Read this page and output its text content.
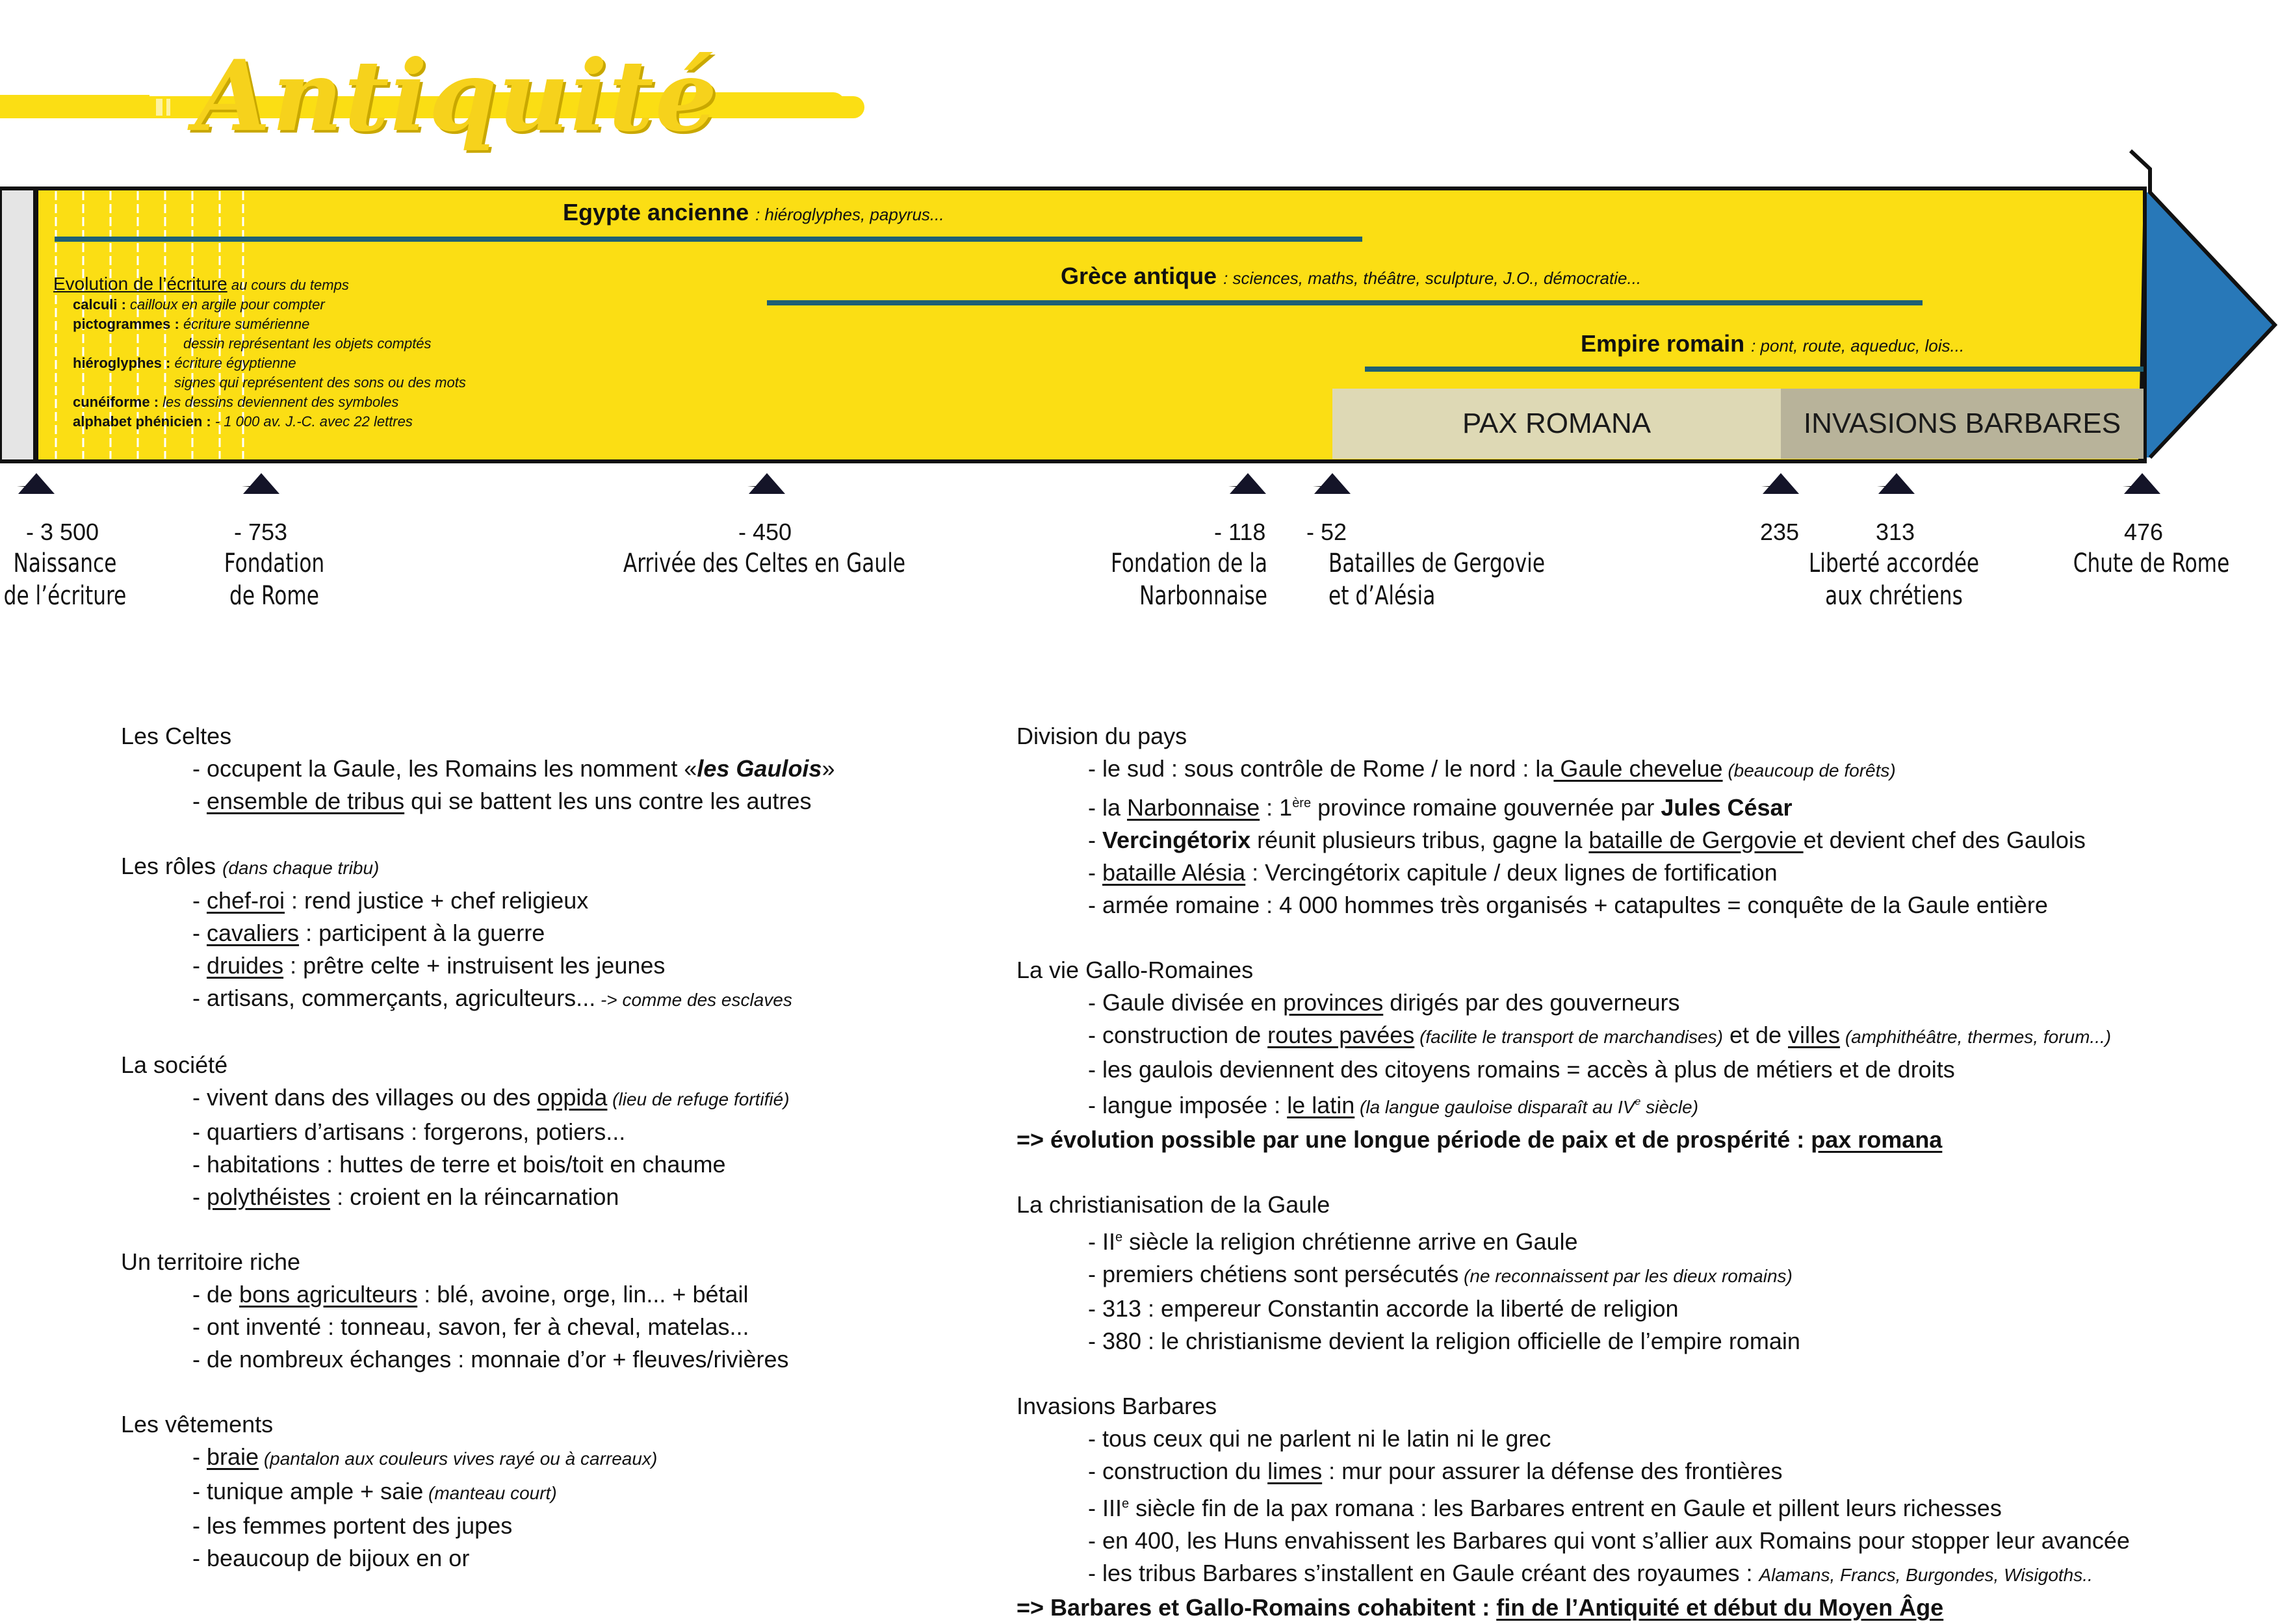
Antiquité
Egypte ancienne : hiéroglyphes, papyrus...
Grèce antique : sciences, maths, théâtre, sculpture, J.O., démocratie...
Empire romain : pont, route, aqueduc, lois...
PAX ROMANA	INVASIONS BARBARES
Evolution de l’écriture au cours du temps
calculi : cailloux en argile pour compter
pictogrammes : écriture sumérienne
dessin représentant les objets comptés
hiéroglyphes : écriture égyptienne
signes qui représentent des sons ou des mots
cunéiforme : les dessins deviennent des symboles
alphabet phénicien : - 1 000 av. J.-C. avec 22 lettres
- 3 500
Naissance
de l’écriture
- 753
Fondation
de Rome
- 450
Arrivée des Celtes en Gaule
- 118
Fondation de la
Narbonnaise
- 52
Batailles de Gergovie
et d’Alésia
235	313
Liberté accordée
aux chrétiens
476
Chute de Rome
Les Celtes
- occupent la Gaule, les Romains les nomment «les Gaulois»
- ensemble de tribus qui se battent les uns contre les autres
Les rôles (dans chaque tribu)
- chef-roi : rend justice + chef religieux
- cavaliers : participent à la guerre
- druides : prêtre celte + instruisent les jeunes
- artisans, commerçants, agriculteurs... -> comme des esclaves
La société
- vivent dans des villages ou des oppida (lieu de refuge fortifié)
- quartiers d’artisans : forgerons, potiers...
- habitations : huttes de terre et bois/toit en chaume
- polythéistes : croient en la réincarnation
Un territoire riche
- de bons agriculteurs : blé, avoine, orge, lin... + bétail
- ont inventé : tonneau, savon, fer à cheval, matelas...
- de nombreux échanges : monnaie d’or + fleuves/rivières
Les vêtements
- braie (pantalon aux couleurs vives rayé ou à carreaux)
- tunique ample + saie (manteau court)
- les femmes portent des jupes
- beaucoup de bijoux en or
Division du pays
- le sud : sous contrôle de Rome / le nord : la Gaule chevelue (beaucoup de forêts)
- la Narbonnaise : 1ère province romaine gouvernée par Jules César
- Vercingétorix réunit plusieurs tribus, gagne la bataille de Gergovie et devient chef des Gaulois
- bataille Alésia : Vercingétorix capitule / deux lignes de fortification
- armée romaine : 4 000 hommes très organisés + catapultes = conquête de la Gaule entière
La vie Gallo-Romaines
- Gaule divisée en provinces dirigés par des gouverneurs
- construction de routes pavées (facilite le transport de marchandises) et de villes (amphithéâtre, thermes, forum...)
- les gaulois deviennent des citoyens romains = accès à plus de métiers et de droits
- langue imposée : le latin (la langue gauloise disparaît au IVe siècle)
=> évolution possible par une longue période de paix et de prospérité : pax romana
La christianisation de la Gaule
- IIe siècle la religion chrétienne arrive en Gaule
- premiers chétiens sont persécutés (ne reconnaissent par les dieux romains)
- 313 : empereur Constantin accorde la liberté de religion
- 380 : le christianisme devient la religion officielle de l’empire romain
Invasions Barbares
- tous ceux qui ne parlent ni le latin ni le grec
- construction du limes : mur pour assurer la défense des frontières
- IIIe siècle fin de la pax romana : les Barbares entrent en Gaule et pillent leurs richesses
- en 400, les Huns envahissent les Barbares qui vont s’allier aux Romains pour stopper leur avancée
- les tribus Barbares s’installent en Gaule créant des royaumes : Alamans, Francs, Burgondes, Wisigoths..
=> Barbares et Gallo-Romains cohabitent : fin de l’Antiquité et début du Moyen Âge
